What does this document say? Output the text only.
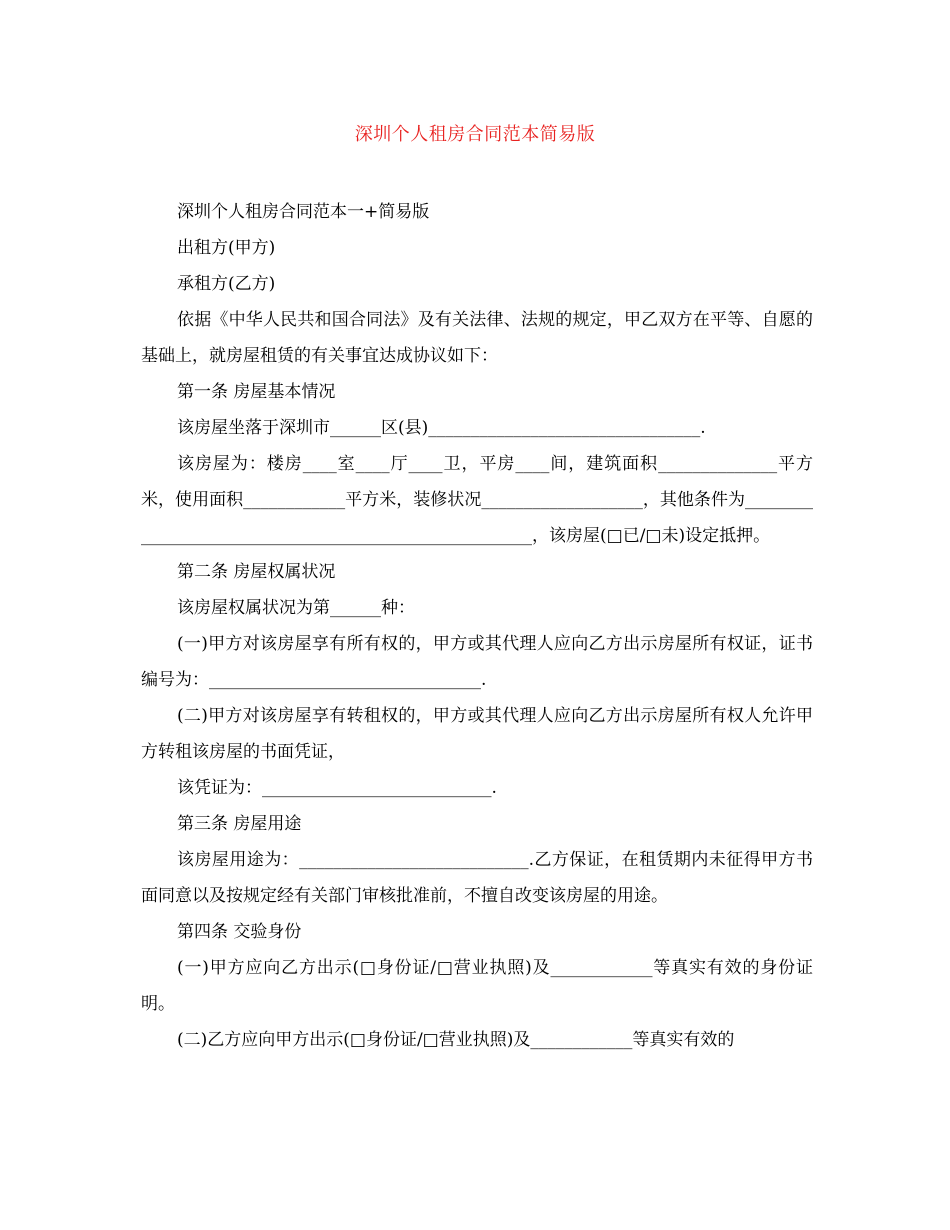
深圳个人租房合同范本简易版

深圳个人租房合同范本一+简易版

出租方(甲方)

承租方(乙方)

依据《中华人民共和国合同法》及有关法律、法规的规定，甲乙双方在平等、自愿的基础上，就房屋租赁的有关事宜达成协议如下：

第一条 房屋基本情况

该房屋坐落于深圳市______区(县)________________________________.

该房屋为：楼房____室____厅____卫，平房____间，建筑面积______________平方米，使用面积____________平方米，装修状况___________________，其他条件为______________________________________________________，该房屋(□已/□未)设定抵押。

第二条 房屋权属状况

该房屋权属状况为第______种：

(一)甲方对该房屋享有所有权的，甲方或其代理人应向乙方出示房屋所有权证，证书编号为：________________________________.

(二)甲方对该房屋享有转租权的，甲方或其代理人应向乙方出示房屋所有权人允许甲方转租该房屋的书面凭证，

该凭证为：___________________________.

第三条 房屋用途

该房屋用途为：___________________________.乙方保证，在租赁期内未征得甲方书面同意以及按规定经有关部门审核批准前，不擅自改变该房屋的用途。

第四条 交验身份

(一)甲方应向乙方出示(□身份证/□营业执照)及____________等真实有效的身份证明。

(二)乙方应向甲方出示(□身份证/□营业执照)及____________等真实有效的
